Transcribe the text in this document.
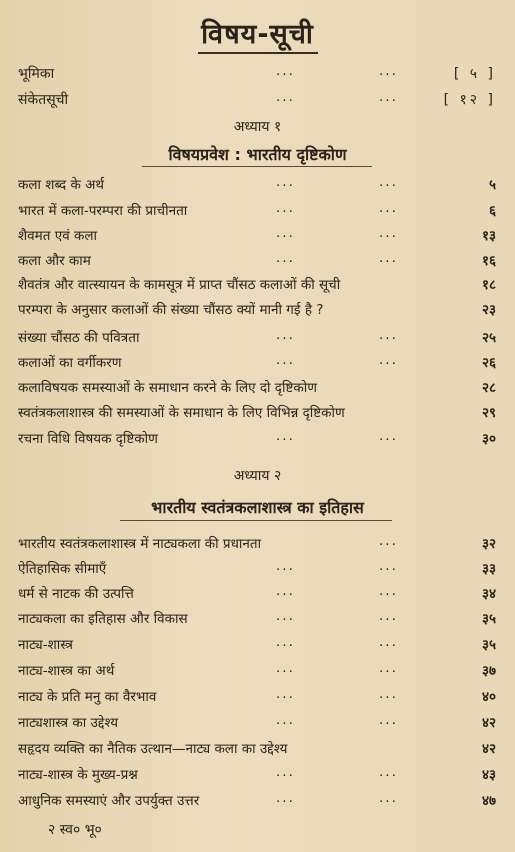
विषय-सूची
भूमिका	...	...	[ ५ ]
संकेतसूची	...	...	[ १२ ]
अध्याय १
विषयप्रवेश : भारतीय दृष्टिकोण
कला शब्द के अर्थ	...	...	५
भारत में कला-परम्परा की प्राचीनता	...	...	६
शैवमत एवं कला	...	...	१३
कला और काम	...	...	१६
शैवतंत्र और वात्स्यायन के कामसूत्र में प्राप्त चौंसठ कलाओं की सूची	१८
परम्परा के अनुसार कलाओं की संख्या चौंसठ क्यों मानी गई है ?	२३
संख्या चौंसठ की पवित्रता	...	...	२५
कलाओं का वर्गीकरण	...	...	२६
कलाविषयक समस्याओं के समाधान करने के लिए दो दृष्टिकोण	२८
स्वतंत्रकलाशास्त्र की समस्याओं के समाधान के लिए विभिन्न दृष्टिकोण	२९
रचना विधि विषयक दृष्टिकोण	...	...	३०
अध्याय २
भारतीय स्वतंत्रकलाशास्त्र का इतिहास
भारतीय स्वतंत्रकलाशास्त्र में नाट्यकला की प्रधानता	...	३२
ऐतिहासिक सीमाएँ	...	...	३३
धर्म से नाटक की उत्पत्ति	...	...	३४
नाट्यकला का इतिहास और विकास	...	...	३५
नाट्य-शास्त्र	...	...	३५
नाट्य-शास्त्र का अर्थ	...	...	३७
नाट्य के प्रति मनु का वैरभाव	...	...	४०
नाट्यशास्त्र का उद्देश्य	...	...	४२
सहृदय व्यक्ति का नैतिक उत्थान—नाट्य कला का उद्देश्य	४२
नाट्य-शास्त्र के मुख्य-प्रश्न	...	...	४३
आधुनिक समस्याएं और उपर्युक्त उत्तर	...	...	४७
२ स्व० भू०
